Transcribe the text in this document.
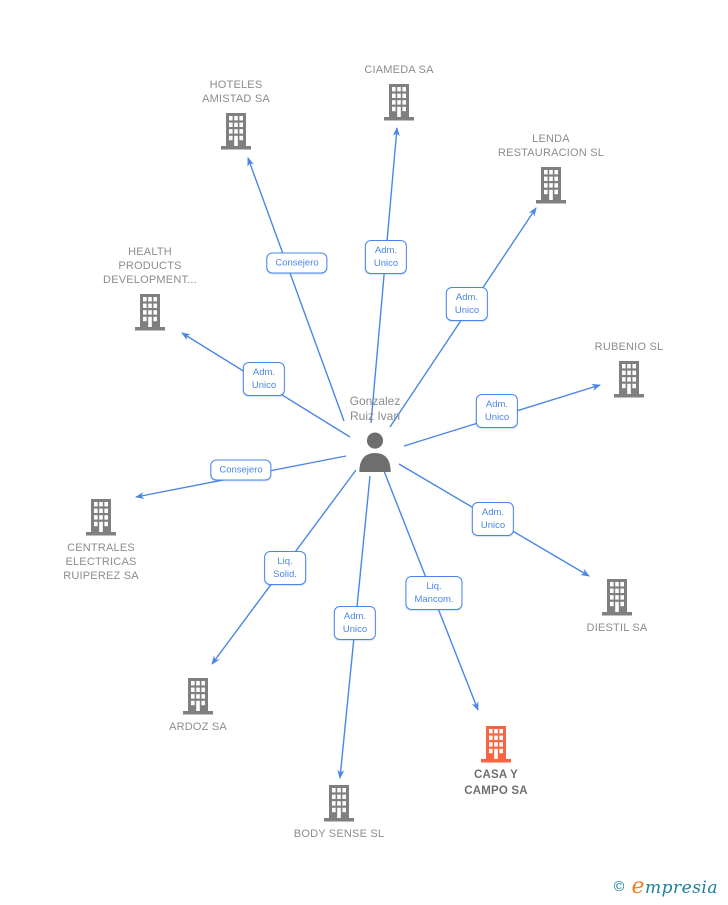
HOTELES
AMISTAD SA
CIAMEDA SA
LENDA
RESTAURACION SL
HEALTH
PRODUCTS
DEVELOPMENT...
RUBENIO SL
CENTRALES
ELECTRICAS
RUIPEREZ SA
DIESTIL SA
ARDOZ SA
BODY SENSE SL
CASA Y
CAMPO SA
Gonzalez
Ruiz Ivan
Consejero
Adm.
Unico
Adm.
Unico
Adm.
Unico
Adm.
Unico
Consejero
Adm.
Unico
Liq.
Solid.
Adm.
Unico
Liq.
Mancom.
© empresia
